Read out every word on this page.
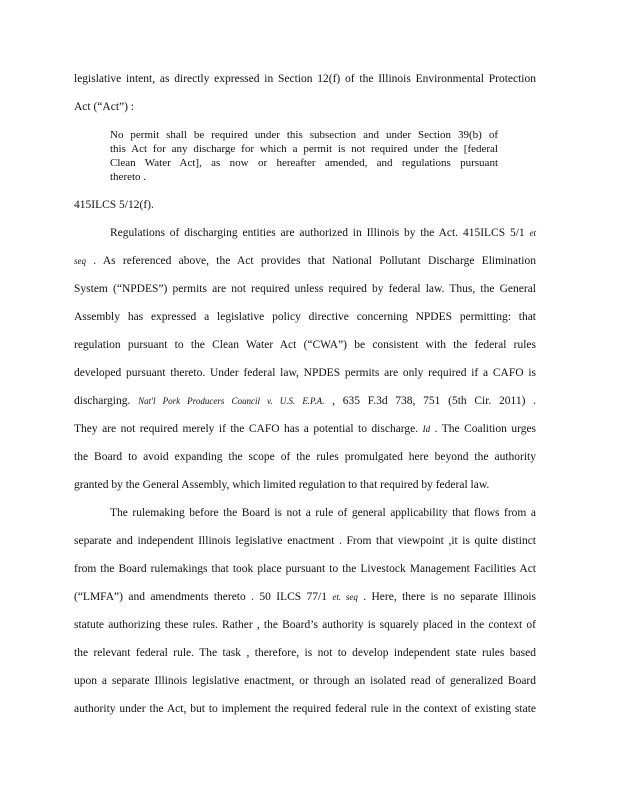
legislative intent, as directly expressed in Section 12(f) of the Illinois Environmental Protection
Act (“Act”) :
No permit shall be required under this subsection and under Section 39(b) of
this Act for any discharge for which a permit is not required under the [federal
Clean Water Act], as now or hereafter amended, and regulations pursuant
thereto .
415ILCS 5/12(f).
Regulations of discharging entities are authorized in Illinois by the Act. 415ILCS 5/1 et
seq . As referenced above, the Act provides that National Pollutant Discharge Elimination
System (“NPDES”) permits are not required unless required by federal law. Thus, the General
Assembly has expressed a legislative policy directive concerning NPDES permitting: that
regulation pursuant to the Clean Water Act (“CWA”) be consistent with the federal rules
developed pursuant thereto. Under federal law, NPDES permits are only required if a CAFO is
discharging. Nat'l Pork Producers Council v. U.S. E.P.A. , 635 F.3d 738, 751 (5th Cir. 2011) .
They are not required merely if the CAFO has a potential to discharge. Id . The Coalition urges
the Board to avoid expanding the scope of the rules promulgated here beyond the authority
granted by the General Assembly, which limited regulation to that required by federal law.
The rulemaking before the Board is not a rule of general applicability that flows from a
separate and independent Illinois legislative enactment . From that viewpoint ,it is quite distinct
from the Board rulemakings that took place pursuant to the Livestock Management Facilities Act
(“LMFA”) and amendments thereto . 50 ILCS 77/1 et. seq . Here, there is no separate Illinois
statute authorizing these rules. Rather , the Board’s authority is squarely placed in the context of
the relevant federal rule. The task , therefore, is not to develop independent state rules based
upon a separate Illinois legislative enactment, or through an isolated read of generalized Board
authority under the Act, but to implement the required federal rule in the context of existing state
